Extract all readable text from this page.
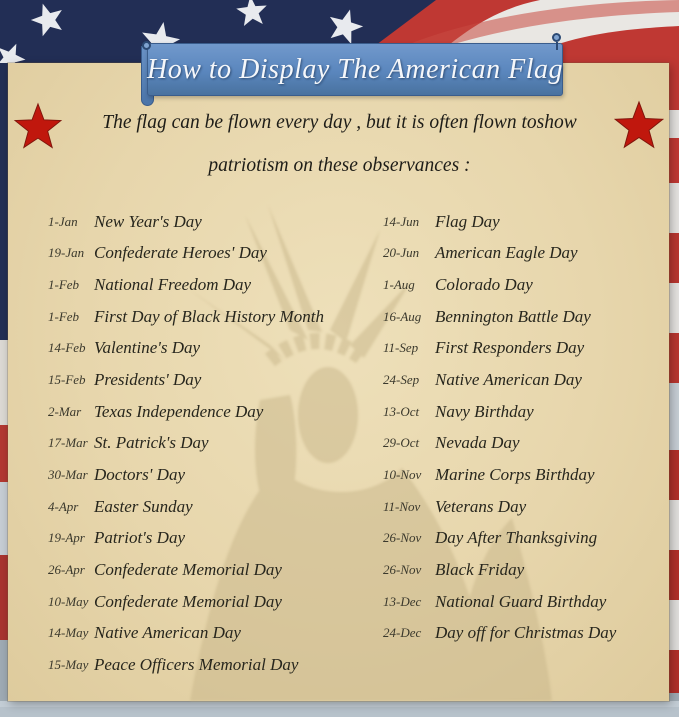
How to Display The American Flag
The flag can be flown every day , but it is often flown toshow
patriotism on these observances :
1-Jan New Year's Day
19-Jan Confederate Heroes' Day
1-Feb National Freedom Day
1-Feb First Day of Black History Month
14-Feb Valentine's Day
15-Feb Presidents' Day
2-Mar Texas Independence Day
17-Mar St. Patrick's Day
30-Mar Doctors' Day
4-Apr Easter Sunday
19-Apr Patriot's Day
26-Apr Confederate Memorial Day
10-May Confederate Memorial Day
14-May Native American Day
15-May Peace Officers Memorial Day
14-Jun Flag Day
20-Jun American Eagle Day
1-Aug	Colorado Day
16-Aug Bennington Battle Day
11-Sep First Responders Day
24-Sep Native American Day
13-Oct Navy Birthday
29-Oct Nevada Day
10-Nov Marine Corps Birthday
11-Nov Veterans Day
26-Nov Day After Thanksgiving
26-Nov Black Friday
13-Dec National Guard Birthday
24-Dec Day off for Christmas Day
